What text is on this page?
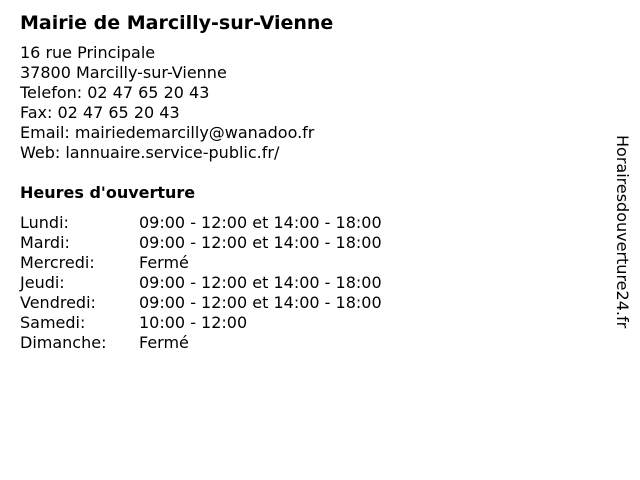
Mairie de Marcilly-sur-Vienne
16 rue Principale
37800 Marcilly-sur-Vienne
Telefon: 02 47 65 20 43
Fax: 02 47 65 20 43
Email: mairiedemarcilly@wanadoo.fr
Web: lannuaire.service-public.fr/
Heures d'ouverture
Lundi:	09:00 - 12:00 et 14:00 - 18:00
Mardi:	09:00 - 12:00 et 14:00 - 18:00
Mercredi:	Fermé
Jeudi:	09:00 - 12:00 et 14:00 - 18:00
Vendredi:	09:00 - 12:00 et 14:00 - 18:00
Samedi:	10:00 - 12:00
Dimanche: Fermé
Horairesdouverture24.fr
